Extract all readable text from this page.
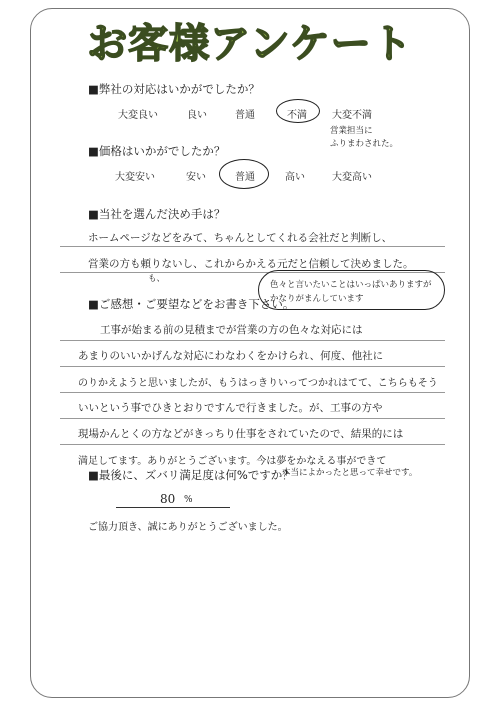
お客様アンケート
■弊社の対応はいかがでしたか？
大変良い	良い	普通	不満	大変不満
営業担当に
ふりまわされた。
■価格はいかがでしたか？
大変安い	安い	普通	高い	大変高い
■当社を選んだ決め手は？
ホームページなどをみて、ちゃんとしてくれる会社だと判断し、
営業の方も頼りないし、これからかえる元だと信頼して決めました。
も、
■ご感想・ご要望などをお書き下さい。
色々と言いたいことはいっぱいありますが
かなりがまんしています
工事が始まる前の見積までが営業の方の色々な対応には
あまりのいいかげんな対応にわなわくをかけられ、何度、他社に
のりかえようと思いましたが、もうはっきりいってつかれはてて、こちらもそう
いいという事でひきとおりですんで行きました。が、工事の方や
現場かんとくの方などがきっちり仕事をされていたので、結果的には
満足してます。ありがとうございます。今は夢をかなえる事ができて
本当によかったと思って幸せです。
■最後に、ズバリ満足度は何%ですか？
80 %
ご協力頂き、誠にありがとうございました。
